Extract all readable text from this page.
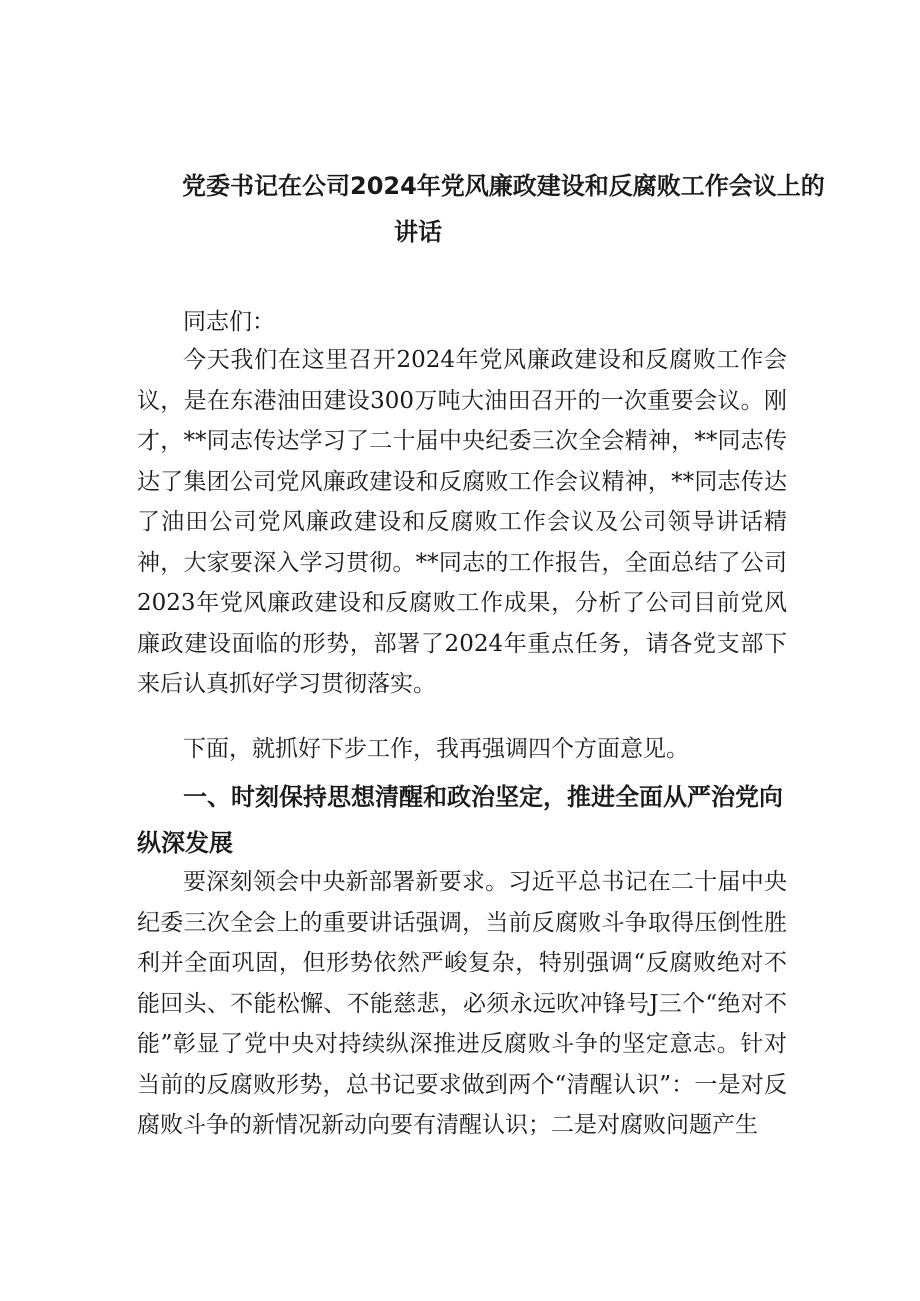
党委书记在公司2024年党风廉政建设和反腐败工作会议上的
讲话

同志们：

今天我们在这里召开2024年党风廉政建设和反腐败工作会议，是在东港油田建设300万吨大油田召开的一次重要会议。刚才，**同志传达学习了二十届中央纪委三次全会精神，**同志传达了集团公司党风廉政建设和反腐败工作会议精神，**同志传达了油田公司党风廉政建设和反腐败工作会议及公司领导讲话精神，大家要深入学习贯彻。**同志的工作报告，全面总结了公司2023年党风廉政建设和反腐败工作成果，分析了公司目前党风廉政建设面临的形势，部署了2024年重点任务，请各党支部下来后认真抓好学习贯彻落实。

下面，就抓好下步工作，我再强调四个方面意见。

一、时刻保持思想清醒和政治坚定，推进全面从严治党向纵深发展

要深刻领会中央新部署新要求。习近平总书记在二十届中央纪委三次全会上的重要讲话强调，当前反腐败斗争取得压倒性胜利并全面巩固，但形势依然严峻复杂，特别强调“反腐败绝对不能回头、不能松懈、不能慈悲，必须永远吹冲锋号J三个“绝对不能”彰显了党中央对持续纵深推进反腐败斗争的坚定意志。针对当前的反腐败形势，总书记要求做到两个“清醒认识”：一是对反腐败斗争的新情况新动向要有清醒认识；二是对腐败问题产生
